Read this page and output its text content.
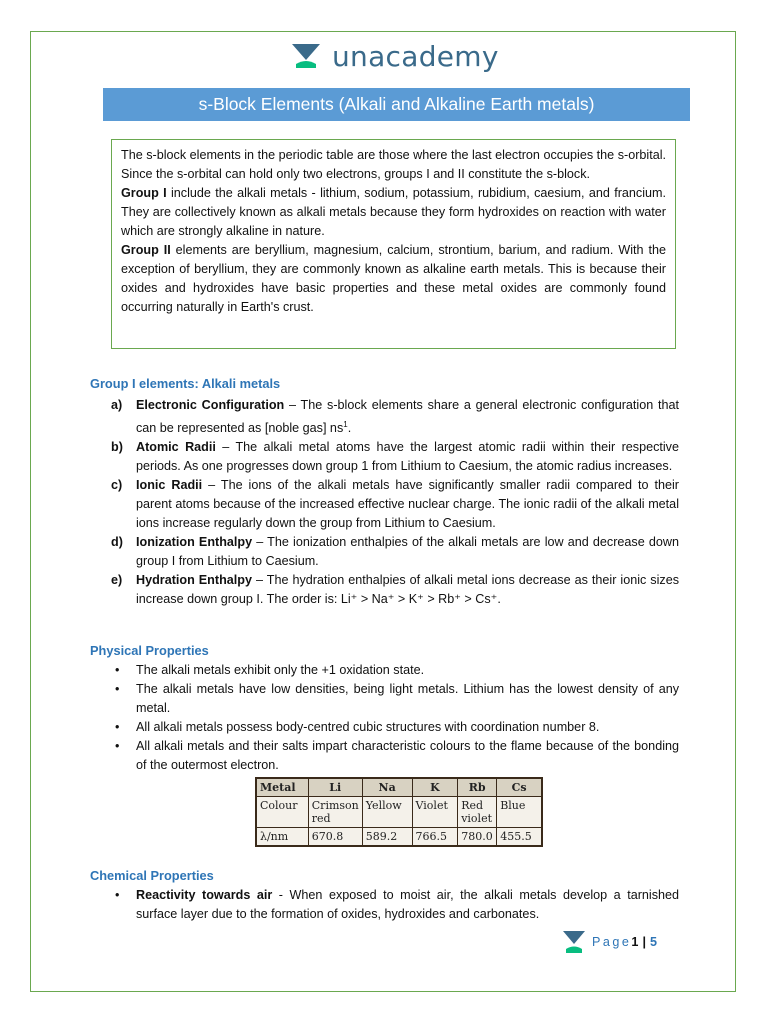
unacademy
s-Block Elements (Alkali and Alkaline Earth metals)

The s-block elements in the periodic table are those where the last electron occupies the s-orbital. Since the s-orbital can hold only two electrons, groups I and II constitute the s-block.

Group I include the alkali metals - lithium, sodium, potassium, rubidium, caesium, and francium. They are collectively known as alkali metals because they form hydroxides on reaction with water which are strongly alkaline in nature.

Group II elements are beryllium, magnesium, calcium, strontium, barium, and radium. With the exception of beryllium, they are commonly known as alkaline earth metals. This is because their oxides and hydroxides have basic properties and these metal oxides are commonly found occurring naturally in Earth's crust.

Group I elements: Alkali metals
a) Electronic Configuration – The s-block elements share a general electronic configuration that can be represented as [noble gas] $ns^1$.
b) Atomic Radii – The alkali metal atoms have the largest atomic radii within their respective periods. As one progresses down group 1 from Lithium to Caesium, the atomic radius increases.
c) Ionic Radii – The ions of the alkali metals have significantly smaller radii compared to their parent atoms because of the increased effective nuclear charge. The ionic radii of the alkali metal ions increase regularly down the group from Lithium to Caesium.
d) Ionization Enthalpy – The ionization enthalpies of the alkali metals are low and decrease down group I from Lithium to Caesium.
e) Hydration Enthalpy – The hydration enthalpies of alkali metal ions decrease as their ionic sizes increase down group I. The order is: Li⁺ > Na⁺ > K⁺ > Rb⁺ > Cs⁺.
Physical Properties
• The alkali metals exhibit only the +1 oxidation state.
• The alkali metals have low densities, being light metals. Lithium has the lowest density of any metal.
• All alkali metals possess body-centred cubic structures with coordination number 8.
• All alkali metals and their salts impart characteristic colours to the flame because of the bonding of the outermost electron.
Metal	Li	Na	K	Rb	Cs
Colour	Crimson red	Yellow	Violet	Red violet	Blue
λ/nm	670.8	589.2	766.5	780.0	455.5
Chemical Properties
• Reactivity towards air - When exposed to moist air, the alkali metals develop a tarnished surface layer due to the formation of oxides, hydroxides and carbonates.
Page 1 | 5
